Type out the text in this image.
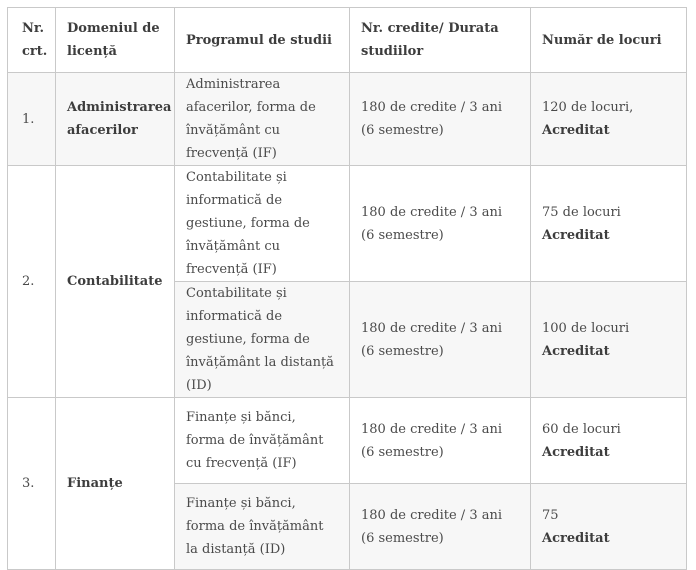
Nr. crt.	Domeniul de licență	Programul de studii	Nr. credite/ Durata studiilor	Număr de locuri
1.	Administrarea afacerilor	Administrarea afacerilor, forma de învățământ cu frecvență (IF)	180 de credite / 3 ani (6 semestre)	120 de locuri,
Acreditat

2.	Contabilitate	Contabilitate și informatică de gestiune, forma de învățământ cu frecvență (IF)	180 de credite / 3 ani (6 semestre)	75 de locuri
Acreditat

		Contabilitate și informatică de gestiune, forma de învățământ la distanță (ID)	180 de credite / 3 ani (6 semestre)	100 de locuri
Acreditat

3.	Finanțe	Finanțe și bănci, forma de învățământ cu frecvență (IF)	180 de credite / 3 ani (6 semestre)	60 de locuri
Acreditat

		Finanțe și bănci, forma de învățământ la distanță (ID)	180 de credite / 3 ani (6 semestre)	75
Acreditat
